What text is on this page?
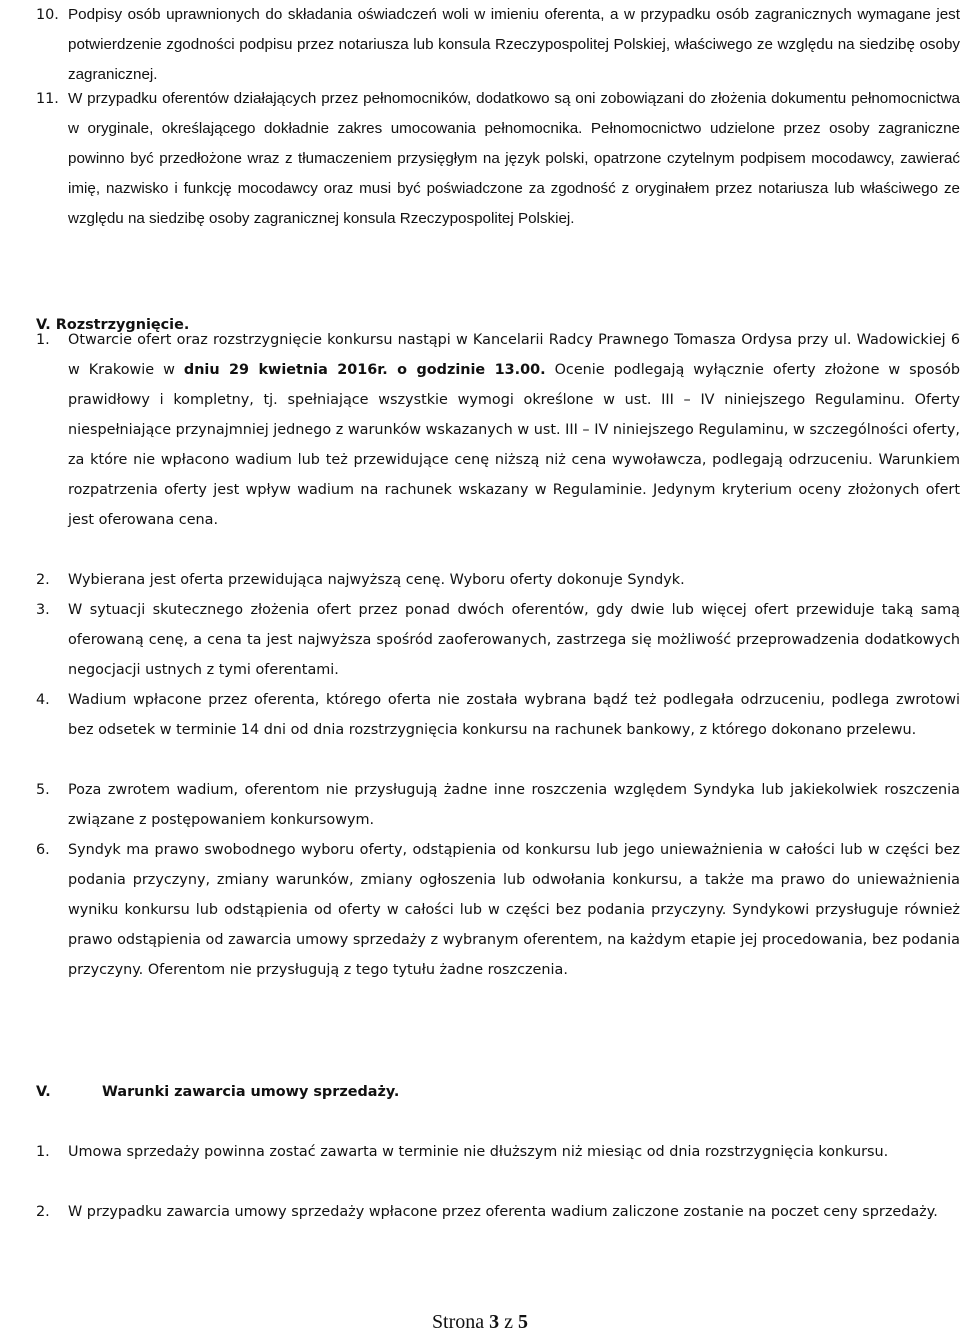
10. Podpisy osób uprawnionych do składania oświadczeń woli w imieniu oferenta, a w przypadku osób zagranicznych wymagane jest potwierdzenie zgodności podpisu przez notariusza lub konsula Rzeczypospolitej Polskiej, właściwego ze względu na siedzibę osoby zagranicznej.
11. W przypadku oferentów działających przez pełnomocników, dodatkowo są oni zobowiązani do złożenia dokumentu pełnomocnictwa w oryginale, określającego dokładnie zakres umocowania pełnomocnika. Pełnomocnictwo udzielone przez osoby zagraniczne powinno być przedłożone wraz z tłumaczeniem przysięgłym na język polski, opatrzone czytelnym podpisem mocodawcy, zawierać imię, nazwisko i funkcję mocodawcy oraz musi być poświadczone za zgodność z oryginałem przez notariusza lub właściwego ze względu na siedzibę osoby zagranicznej konsula Rzeczypospolitej Polskiej.
V. Rozstrzygnięcie.
1. Otwarcie ofert oraz rozstrzygnięcie konkursu nastąpi w Kancelarii Radcy Prawnego Tomasza Ordysa przy ul. Wadowickiej 6 w Krakowie w dniu 29 kwietnia 2016r. o godzinie 13.00. Ocenie podlegają wyłącznie oferty złożone w sposób prawidłowy i kompletny, tj. spełniające wszystkie wymogi określone w ust. III – IV niniejszego Regulaminu. Oferty niespełniające przynajmniej jednego z warunków wskazanych w ust. III – IV niniejszego Regulaminu, w szczególności oferty, za które nie wpłacono wadium lub też przewidujące cenę niższą niż cena wywoławcza, podlegają odrzuceniu. Warunkiem rozpatrzenia oferty jest wpływ wadium na rachunek wskazany w Regulaminie. Jedynym kryterium oceny złożonych ofert jest oferowana cena.
2. Wybierana jest oferta przewidująca najwyższą cenę. Wyboru oferty dokonuje Syndyk.
3. W sytuacji skutecznego złożenia ofert przez ponad dwóch oferentów, gdy dwie lub więcej ofert przewiduje taką samą oferowaną cenę, a cena ta jest najwyższa spośród zaoferowanych, zastrzega się możliwość przeprowadzenia dodatkowych negocjacji ustnych z tymi oferentami.
4. Wadium wpłacone przez oferenta, którego oferta nie została wybrana bądź też podlegała odrzuceniu, podlega zwrotowi bez odsetek w terminie 14 dni od dnia rozstrzygnięcia konkursu na rachunek bankowy, z którego dokonano przelewu.
5. Poza zwrotem wadium, oferentom nie przysługują żadne inne roszczenia względem Syndyka lub jakiekolwiek roszczenia związane z postępowaniem konkursowym.
6. Syndyk ma prawo swobodnego wyboru oferty, odstąpienia od konkursu lub jego unieważnienia w całości lub w części bez podania przyczyny, zmiany warunków, zmiany ogłoszenia lub odwołania konkursu, a także ma prawo do unieważnienia wyniku konkursu lub odstąpienia od oferty w całości lub w części bez podania przyczyny. Syndykowi przysługuje również prawo odstąpienia od zawarcia umowy sprzedaży z wybranym oferentem, na każdym etapie jej procedowania, bez podania przyczyny. Oferentom nie przysługują z tego tytułu żadne roszczenia.
V.	Warunki zawarcia umowy sprzedaży.
1. Umowa sprzedaży powinna zostać zawarta w terminie nie dłuższym niż miesiąc od dnia rozstrzygnięcia konkursu.
2. W przypadku zawarcia umowy sprzedaży wpłacone przez oferenta wadium zaliczone zostanie na poczet ceny sprzedaży.
Strona 3 z 5
